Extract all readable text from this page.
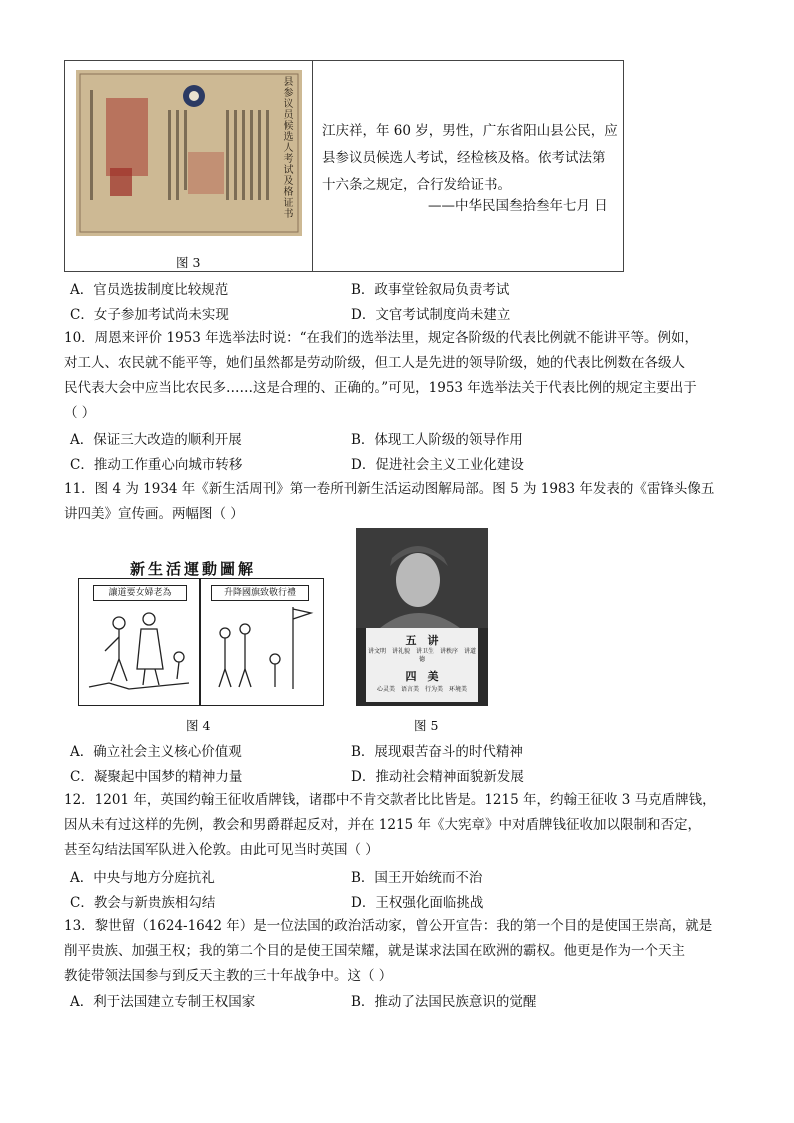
县参议员候选人考试及格证书
图 3
江庆祥，年 60 岁，男性，广东省阳山县公民，应
县参议员候选人考试，经检核及格。依考试法第
十六条之规定，合行发给证书。
——中华民国叁拾叁年七月 日
A．官员选拔制度比较规范	B．政事堂铨叙局负责考试
C．女子参加考试尚未实现	D．文官考试制度尚未建立
10．周恩来评价 1953 年选举法时说：“在我们的选举法里，规定各阶级的代表比例就不能讲平等。例如，
对工人、农民就不能平等，她们虽然都是劳动阶级，但工人是先进的领导阶级，她的代表比例数在各级人
民代表大会中应当比农民多……这是合理的、正确的。”可见，1953 年选举法关于代表比例的规定主要出于
（ ）
A．保证三大改造的顺利开展	B．体现工人阶级的领导作用
C．推动工作重心向城市转移	D．促进社会主义工业化建设
11．图 4 为 1934 年《新生活周刊》第一卷所刊新生活运动图解局部。图 5 为 1983 年发表的《雷锋头像五
讲四美》宣传画。两幅图（ ）
新生活運動圖解
讓道要女婦老為	升降國旗致敬行禮
图 4
五　讲
讲文明　讲礼貌　讲卫生　讲秩序　讲道德
四　美
心灵美　语言美　行为美　环境美
图 5
A．确立社会主义核心价值观	B．展现艰苦奋斗的时代精神
C．凝聚起中国梦的精神力量	D．推动社会精神面貌新发展
12．1201 年，英国约翰王征收盾牌钱，诸郡中不肯交款者比比皆是。1215 年，约翰王征收 3 马克盾牌钱，
因从未有过这样的先例，教会和男爵群起反对，并在 1215 年《大宪章》中对盾牌钱征收加以限制和否定，
甚至勾结法国军队进入伦敦。由此可见当时英国（ ）
A．中央与地方分庭抗礼	B．国王开始统而不治
C．教会与新贵族相勾结	D．王权强化面临挑战
13．黎世留（1624-1642 年）是一位法国的政治活动家，曾公开宣告：我的第一个目的是使国王崇高，就是
削平贵族、加强王权；我的第二个目的是使王国荣耀，就是谋求法国在欧洲的霸权。他更是作为一个天主
教徒带领法国参与到反天主教的三十年战争中。这（ ）
A．利于法国建立专制王权国家	B．推动了法国民族意识的觉醒
